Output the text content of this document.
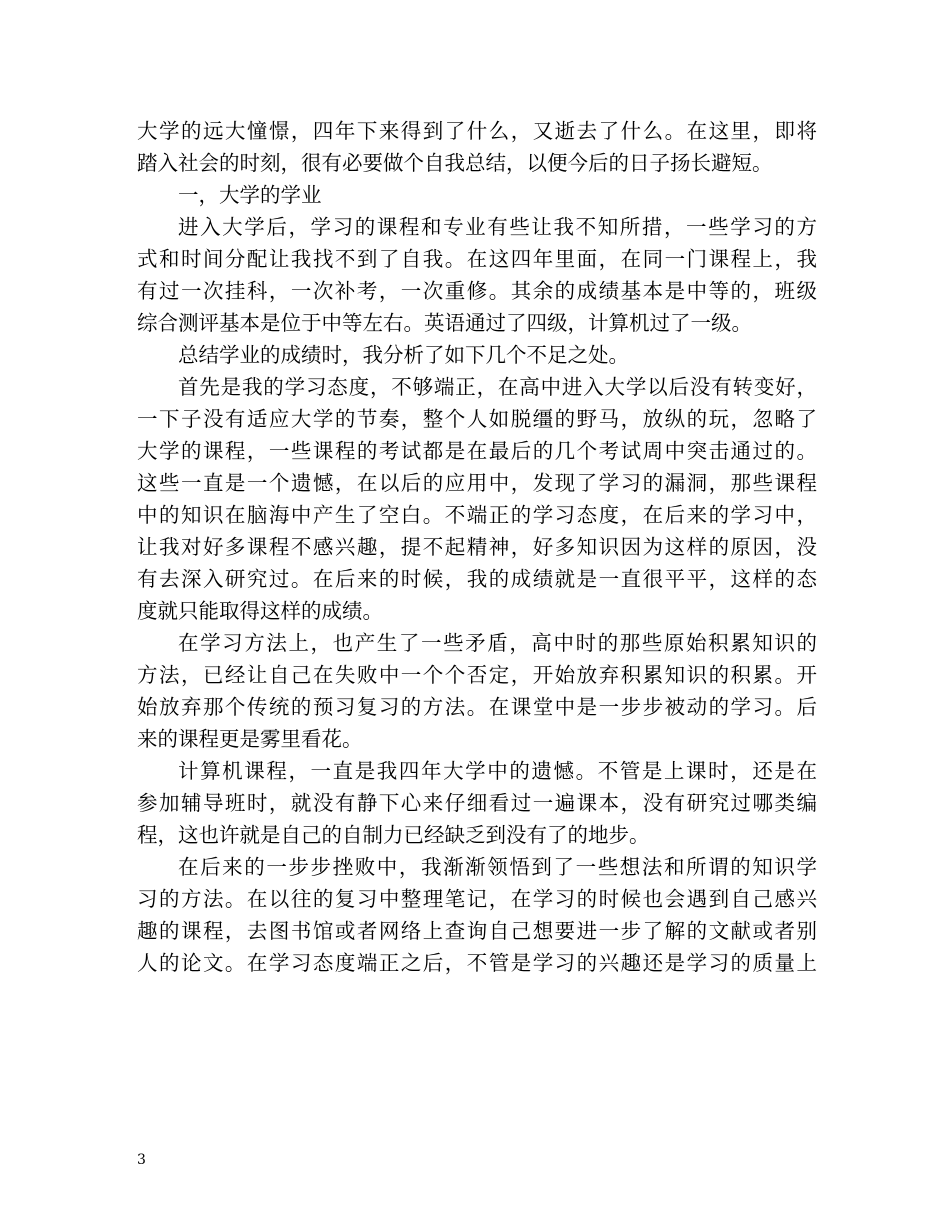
大学的远大憧憬，四年下来得到了什么，又逝去了什么。在这里，即将
踏入社会的时刻，很有必要做个自我总结，以便今后的日子扬长避短。
一，大学的学业
进入大学后，学习的课程和专业有些让我不知所措，一些学习的方
式和时间分配让我找不到了自我。在这四年里面，在同一门课程上，我
有过一次挂科，一次补考，一次重修。其余的成绩基本是中等的，班级
综合测评基本是位于中等左右。英语通过了四级，计算机过了一级。
总结学业的成绩时，我分析了如下几个不足之处。
首先是我的学习态度，不够端正，在高中进入大学以后没有转变好，
一下子没有适应大学的节奏，整个人如脱缰的野马，放纵的玩，忽略了
大学的课程，一些课程的考试都是在最后的几个考试周中突击通过的。
这些一直是一个遗憾，在以后的应用中，发现了学习的漏洞，那些课程
中的知识在脑海中产生了空白。不端正的学习态度，在后来的学习中，
让我对好多课程不感兴趣，提不起精神，好多知识因为这样的原因，没
有去深入研究过。在后来的时候，我的成绩就是一直很平平，这样的态
度就只能取得这样的成绩。
在学习方法上，也产生了一些矛盾，高中时的那些原始积累知识的
方法，已经让自己在失败中一个个否定，开始放弃积累知识的积累。开
始放弃那个传统的预习复习的方法。在课堂中是一步步被动的学习。后
来的课程更是雾里看花。
计算机课程，一直是我四年大学中的遗憾。不管是上课时，还是在
参加辅导班时，就没有静下心来仔细看过一遍课本，没有研究过哪类编
程，这也许就是自己的自制力已经缺乏到没有了的地步。
在后来的一步步挫败中，我渐渐领悟到了一些想法和所谓的知识学
习的方法。在以往的复习中整理笔记，在学习的时候也会遇到自己感兴
趣的课程，去图书馆或者网络上查询自己想要进一步了解的文献或者别
人的论文。在学习态度端正之后，不管是学习的兴趣还是学习的质量上
3
